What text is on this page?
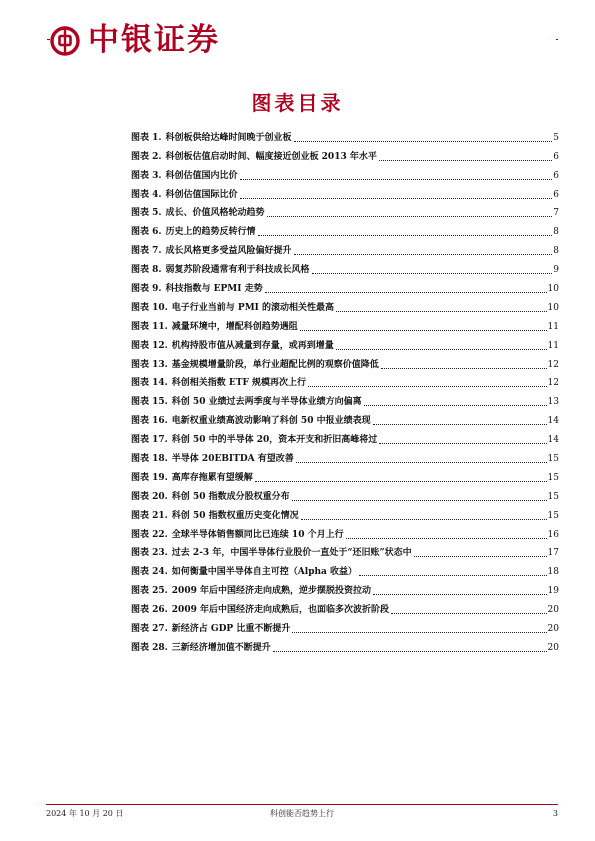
中银证券
图表目录
图表 1. 科创板供给达峰时间晚于创业板	5
图表 2. 科创板估值启动时间、幅度接近创业板 2013 年水平	6
图表 3. 科创估值国内比价	6
图表 4. 科创估值国际比价	6
图表 5. 成长、价值风格轮动趋势	7
图表 6. 历史上的趋势反转行情	8
图表 7. 成长风格更多受益风险偏好提升	8
图表 8. 弱复苏阶段通常有利于科技成长风格	9
图表 9. 科技指数与 EPMI 走势	10
图表 10. 电子行业当前与 PMI 的滚动相关性最高	10
图表 11. 减量环境中，增配科创趋势遇阻	11
图表 12. 机构持股市值从减量到存量，或再到增量	11
图表 13. 基金规模增量阶段，单行业超配比例的观察价值降低	12
图表 14. 科创相关指数 ETF 规模再次上行	12
图表 15. 科创 50 业绩过去两季度与半导体业绩方向偏离	13
图表 16. 电新权重业绩高波动影响了科创 50 中报业绩表现	14
图表 17. 科创 50 中的半导体 20，资本开支和折旧高峰将过	14
图表 18. 半导体 20EBITDA 有望改善	15
图表 19. 高库存拖累有望缓解	15
图表 20. 科创 50 指数成分股权重分布	15
图表 21. 科创 50 指数权重历史变化情况	15
图表 22. 全球半导体销售额同比已连续 10 个月上行	16
图表 23. 过去 2-3 年，中国半导体行业股价一直处于“还旧账”状态中	17
图表 24. 如何衡量中国半导体自主可控（Alpha 收益）	18
图表 25. 2009 年后中国经济走向成熟，逆步摆脱投资拉动	19
图表 26. 2009 年后中国经济走向成熟后，也面临多次波折阶段	20
图表 27. 新经济占 GDP 比重不断提升	20
图表 28. 三新经济增加值不断提升	20
2024 年 10 月 20 日	科创能否趋势上行	3
